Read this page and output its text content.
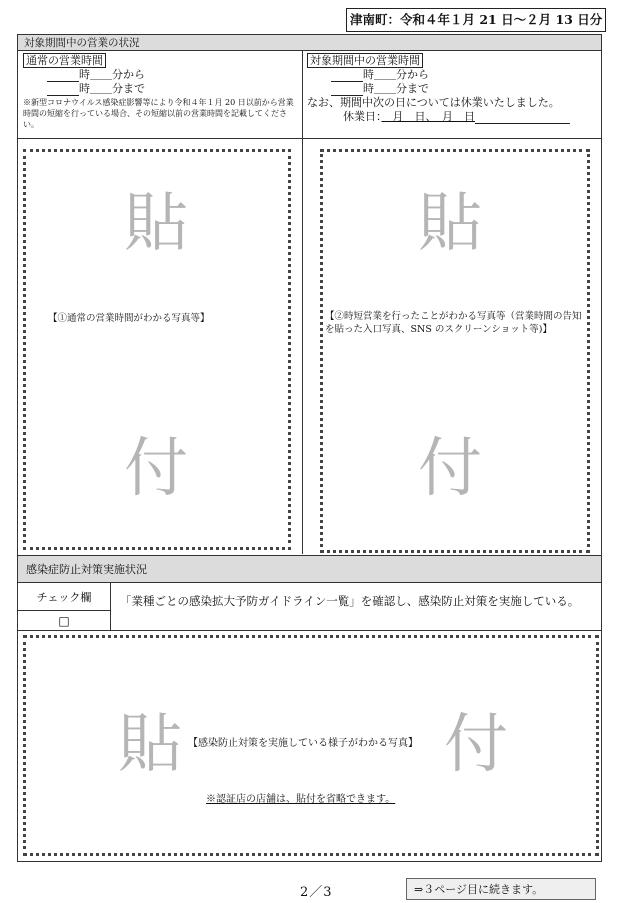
津南町：令和４年１月 21 日～２月 13 日分
対象期間中の営業の状況
通常の営業時間
時＿＿分から
時＿＿分まで
※新型コロナウイルス感染症影響等により令和４年１月 20 日以前から営業時間の短縮を行っている場合、その短縮以前の営業時間を記載してください。
対象期間中の営業時間
時＿＿分から
時＿＿分まで
なお、期間中次の日については休業いたしました。
休業日：　月　日、　月　日
貼
【①通常の営業時間がわかる写真等】
付
貼
【②時短営業を行ったことがわかる写真等（営業時間の告知を貼った入口写真、SNS のスクリーンショット等)】
付
感染症防止対策実施状況
チェック欄
□
「業種ごとの感染拡大予防ガイドライン一覧」を確認し、感染防止対策を実施している。
貼 【感染防止対策を実施している様子がわかる写真】
※認証店の店舗は、貼付を省略できます。
付
2／3	⇒３ページ目に続きます。
